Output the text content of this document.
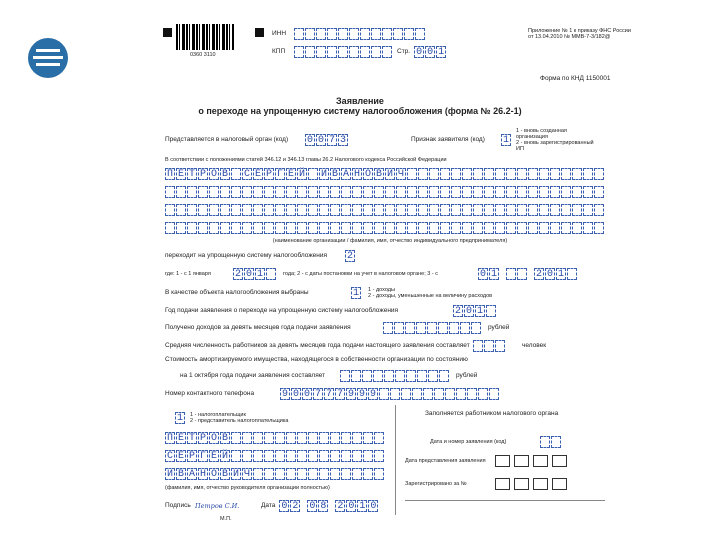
0360 3110
ИНН
КПП	Стр. 0 0 1
Приложение № 1 к приказу ФНС России
от 13.04.2010 № ММВ-7-3/182@
Форма по КНД 1150001
Заявление
о переходе на упрощенную систему налогообложения (форма № 26.2-1)
Представляется в налоговый орган (код)	0 0 7 3	Признак заявителя (код)	1
1 - вновь созданная организация
2 - вновь зарегистрированный ИП
В соответствии с положениями статей 346.12 и 346.13 главы 26.2 Налогового кодекса Российской Федерации
П Е Т Р О В С Е Р Г Е Й И В А Н О В И Ч
(наименование организации / фамилия, имя, отчество индивидуального предпринимателя)
переходит на упрощенную систему налогообложения	2
где: 1 - с 1 января	2 0 1	года; 2 - с даты постановки на учет в налоговом органе; 3 - с	0 1	2 0 1
В качестве объекта налогообложения выбраны	1	1 - доходы
2 - доходы, уменьшенные на величину расходов
Год подачи заявления о переходе на упрощенную систему налогообложения	2 0 1
Получено доходов за девять месяцев года подачи заявления	рублей
Средняя численность работников за девять месяцев года подачи настоящего заявления составляет	человек
Стоимость амортизируемого имущества, находящегося в собственности организации по состоянию
на 1 октября года подачи заявления составляет	рублей
Номер контактного телефона	9 0 0 7 7 7 9 9 9
1	1 - налогоплательщик
2 - представитель налогоплательщика
П Е Т Р О В
С Е Р Г Е Й
И В А Н О В И Ч
(фамилия, имя, отчество руководителя организации полностью)
Подпись Петров С.И.	Дата 0 2 0 8 2 0 1 0
М.П.
Заполняется работником налогового органа
Дата и номер заявления (код)
Дата представления заявления
Зарегистрировано за №
